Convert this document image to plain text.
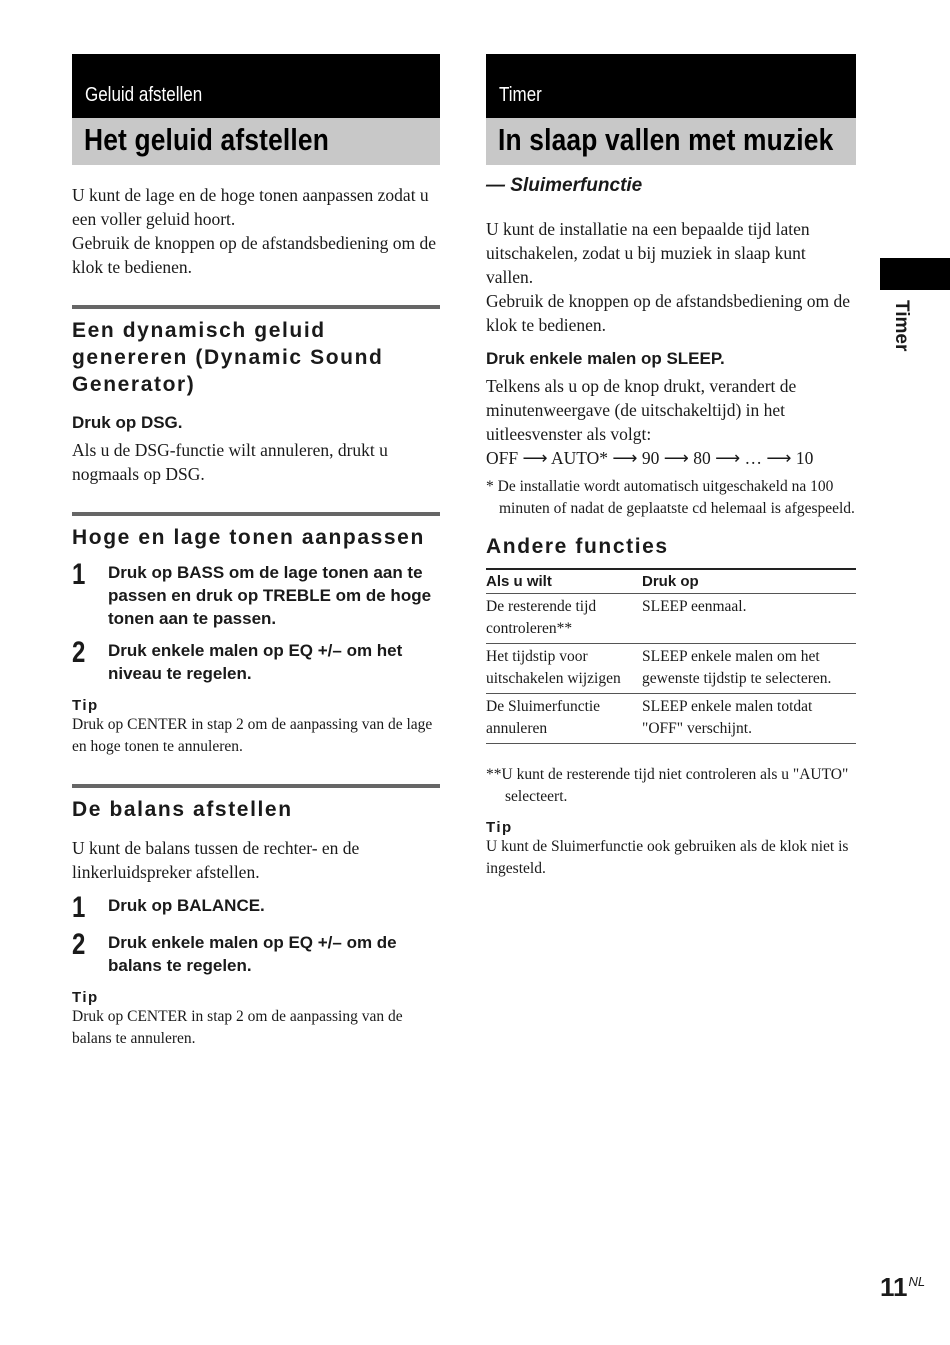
Geluid afstellen
Het geluid afstellen

U kunt de lage en de hoge tonen aanpassen zodat u een voller geluid hoort.

Gebruik de knoppen op de afstandsbediening om de klok te bedienen.

Een dynamisch geluid genereren (Dynamic Sound Generator)
Druk op DSG.
Als u de DSG-functie wilt annuleren, drukt u nogmaals op DSG.
Hoge en lage tonen aanpassen
1	Druk op BASS om de lage tonen aan te passen en druk op TREBLE om de hoge tonen aan te passen.
2	Druk enkele malen op EQ +/– om het niveau te regelen.
Tip
Druk op CENTER in stap 2 om de aanpassing van de lage en hoge tonen te annuleren.
De balans afstellen
U kunt de balans tussen de rechter- en de linkerluidspreker afstellen.
1	Druk op BALANCE.
2	Druk enkele malen op EQ +/– om de balans te regelen.
Tip
Druk op CENTER in stap 2 om de aanpassing van de balans te annuleren.
Timer
In slaap vallen met muziek
— Sluimerfunctie

U kunt de installatie na een bepaalde tijd laten uitschakelen, zodat u bij muziek in slaap kunt vallen.

Gebruik de knoppen op de afstandsbediening om de klok te bedienen.

Druk enkele malen op SLEEP.
Telkens als u op de knop drukt, verandert de minutenweergave (de uitschakeltijd) in het uitleesvenster als volgt:
OFF ⟶ AUTO* ⟶ 90 ⟶ 80 ⟶ … ⟶ 10
* De installatie wordt automatisch uitgeschakeld na 100 minuten of nadat de geplaatste cd helemaal is afgespeeld.
Andere functies
Als u wilt	Druk op
De resterende tijd controleren**	SLEEP eenmaal.
Het tijdstip voor uitschakelen wijzigen	SLEEP enkele malen om het gewenste tijdstip te selecteren.
De Sluimerfunctie annuleren	SLEEP enkele malen totdat "OFF" verschijnt.
**U kunt de resterende tijd niet controleren als u "AUTO" selecteert.
Tip
U kunt de Sluimerfunctie ook gebruiken als de klok niet is ingesteld.
Timer
$11^{NL}$
